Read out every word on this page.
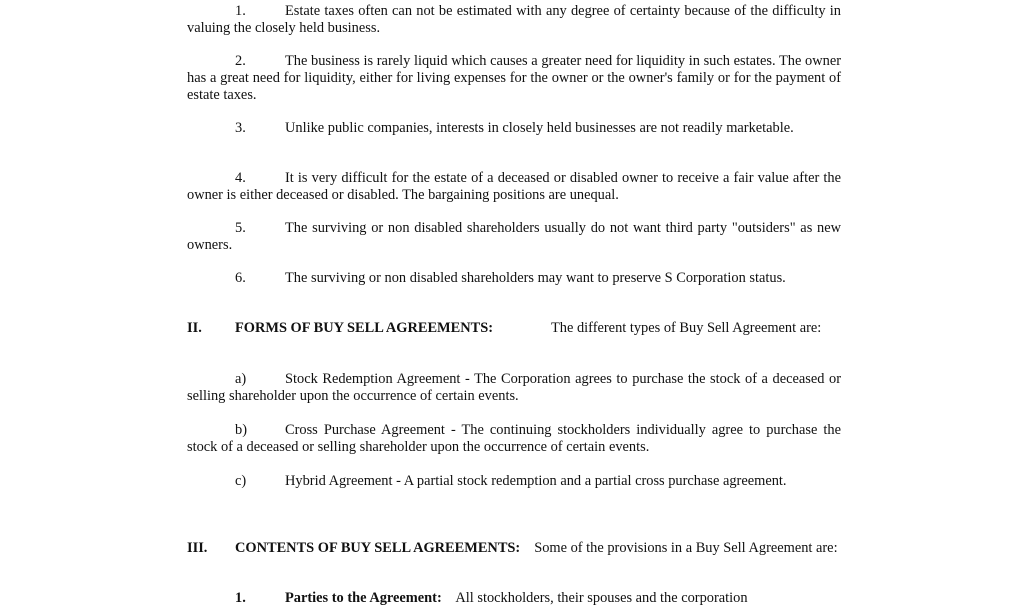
1.	Estate taxes often can not be estimated with any degree of certainty because of the difficulty in valuing the closely held business.

2.	The business is rarely liquid which causes a greater need for liquidity in such estates. The owner has a great need for liquidity, either for living expenses for the owner or the owner's family or for the payment of estate taxes.

3.	Unlike public companies, interests in closely held businesses are not readily marketable.

4.	It is very difficult for the estate of a deceased or disabled owner to receive a fair value after the owner is either deceased or disabled. The bargaining positions are unequal.

5.	The surviving or non disabled shareholders usually do not want third party "outsiders" as new owners.

6.	The surviving or non disabled shareholders may want to preserve S Corporation status.

II. FORMS OF BUY SELL AGREEMENTS:	The different types of Buy Sell Agreement are:

a)	Stock Redemption Agreement - The Corporation agrees to purchase the stock of a deceased or selling shareholder upon the occurrence of certain events.

b)	Cross Purchase Agreement - The continuing stockholders individually agree to purchase the stock of a deceased or selling shareholder upon the occurrence of certain events.

c)	Hybrid Agreement - A partial stock redemption and a partial cross purchase agreement.

III. CONTENTS OF BUY SELL AGREEMENTS: Some of the provisions in a Buy Sell Agreement are:

1.	Parties to the Agreement: All stockholders, their spouses and the corporation
